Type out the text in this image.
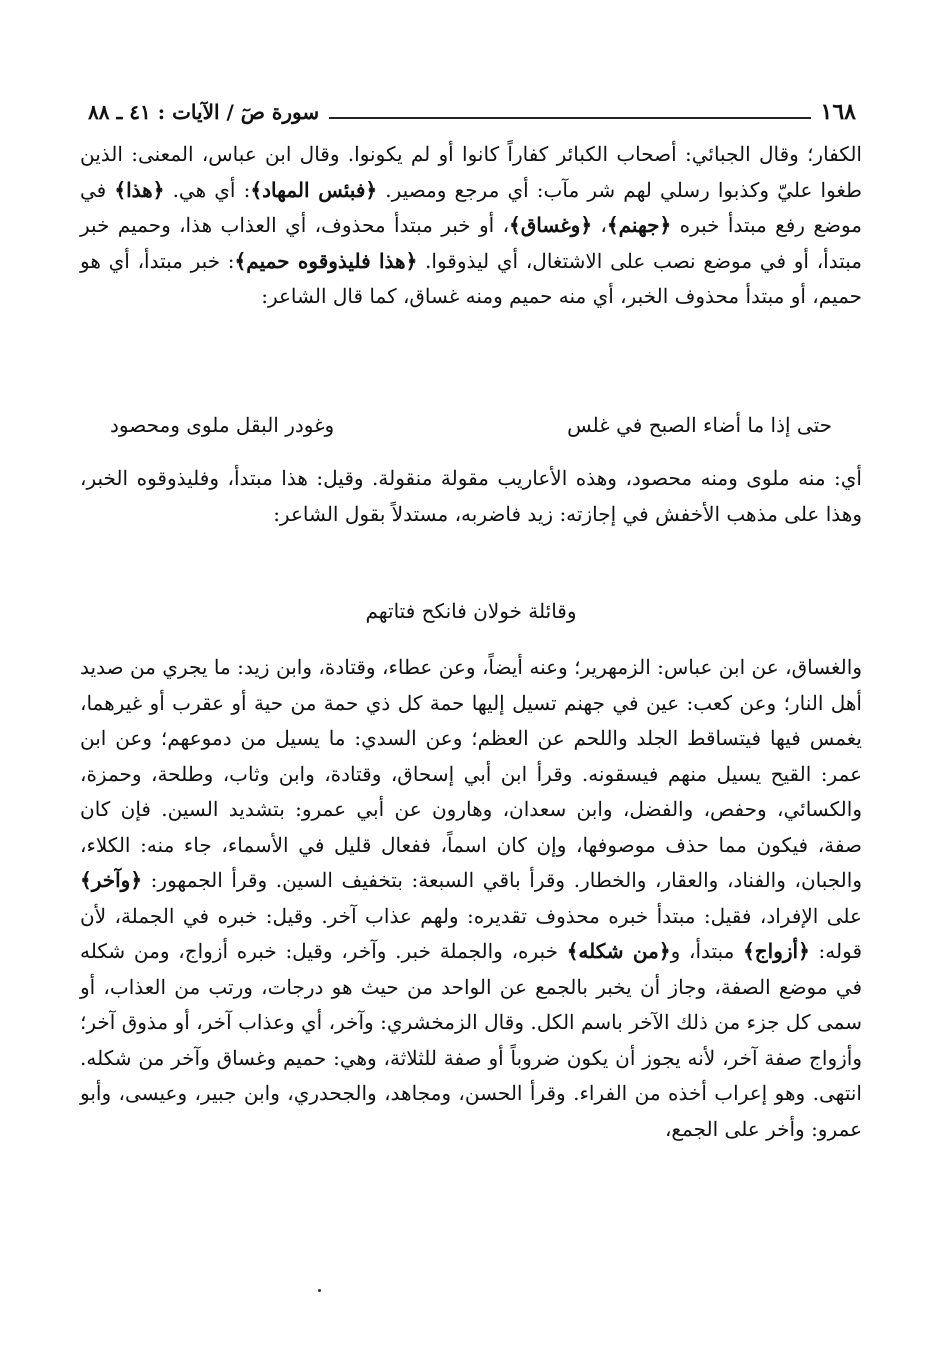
١٦٨
سورة صٓ / الآيات : ٤١ ـ ٨٨

الكفار؛ وقال الجبائي: أصحاب الكبائر كفاراً كانوا أو لم يكونوا. وقال ابن عباس، المعنى: الذين طغوا عليّ وكذبوا رسلي لهم شر مآب: أي مرجع ومصير. ﴿فبئس المهاد﴾: أي هي. ﴿هذا﴾ في موضع رفع مبتدأ خبره ﴿جهنم﴾، ﴿وغساق﴾، أو خبر مبتدأ محذوف، أي العذاب هذا، وحميم خبر مبتدأ، أو في موضع نصب على الاشتغال، أي ليذوقوا. ﴿هذا فليذوقوه حميم﴾: خبر مبتدأ، أي هو حميم، أو مبتدأ محذوف الخبر، أي منه حميم ومنه غساق، كما قال الشاعر:

حتى إذا ما أضاء الصبح في غلس
وغودر البقل ملوى ومحصود

أي: منه ملوى ومنه محصود، وهذه الأعاريب مقولة منقولة. وقيل: هذا مبتدأ، وفليذوقوه الخبر، وهذا على مذهب الأخفش في إجازته: زيد فاضربه، مستدلاً بقول الشاعر:

وقائلة خولان فانكح فتاتهم

والغساق، عن ابن عباس: الزمهرير؛ وعنه أيضاً، وعن عطاء، وقتادة، وابن زيد: ما يجري من صديد أهل النار؛ وعن كعب: عين في جهنم تسيل إليها حمة كل ذي حمة من حية أو عقرب أو غيرهما، يغمس فيها فيتساقط الجلد واللحم عن العظم؛ وعن السدي: ما يسيل من دموعهم؛ وعن ابن عمر: القيح يسيل منهم فيسقونه. وقرأ ابن أبي إسحاق، وقتادة، وابن وثاب، وطلحة، وحمزة، والكسائي، وحفص، والفضل، وابن سعدان، وهارون عن أبي عمرو: بتشديد السين. فإن كان صفة، فيكون مما حذف موصوفها، وإن كان اسماً، ففعال قليل في الأسماء، جاء منه: الكلاء، والجبان، والفناد، والعقار، والخطار. وقرأ باقي السبعة: بتخفيف السين. وقرأ الجمهور: ﴿وآخر﴾ على الإفراد، فقيل: مبتدأ خبره محذوف تقديره: ولهم عذاب آخر. وقيل: خبره في الجملة، لأن قوله: ﴿أزواج﴾ مبتدأ، و﴿من شكله﴾ خبره، والجملة خبر. وآخر، وقيل: خبره أزواج، ومن شكله في موضع الصفة، وجاز أن يخبر بالجمع عن الواحد من حيث هو درجات، ورتب من العذاب، أو سمى كل جزء من ذلك الآخر باسم الكل. وقال الزمخشري: وآخر، أي وعذاب آخر، أو مذوق آخر؛ وأزواج صفة آخر، لأنه يجوز أن يكون ضروباً أو صفة للثلاثة، وهي: حميم وغساق وآخر من شكله. انتهى. وهو إعراب أخذه من الفراء. وقرأ الحسن، ومجاهد، والجحدري، وابن جبير، وعيسى، وأبو عمرو: وأخر على الجمع،
